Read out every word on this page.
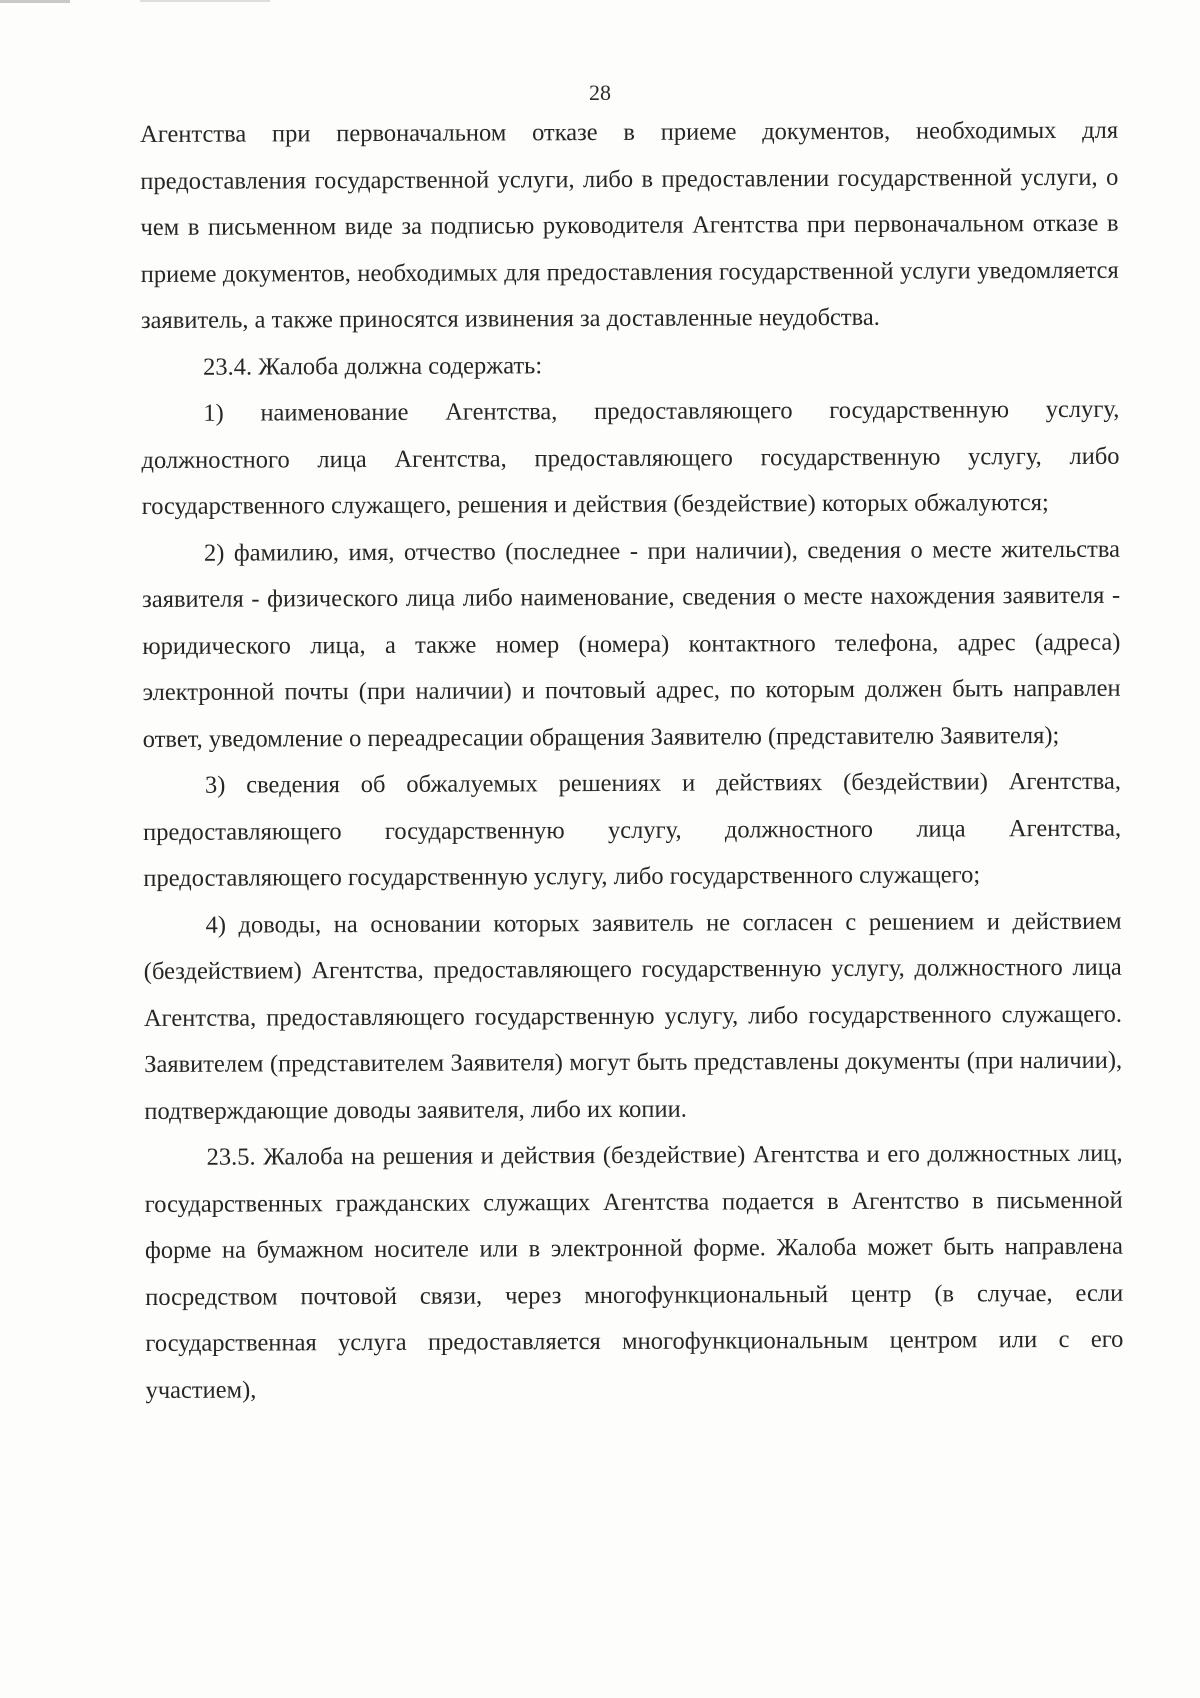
28

Агентства при первоначальном отказе в приеме документов, необходимых для предоставления государственной услуги, либо в предоставлении государственной услуги, о чем в письменном виде за подписью руководителя Агентства при первоначальном отказе в приеме документов, необходимых для предоставления государственной услуги уведомляется заявитель, а также приносятся извинения за доставленные неудобства.

23.4. Жалоба должна содержать:

1) наименование Агентства, предоставляющего государственную услугу, должностного лица Агентства, предоставляющего государственную услугу, либо государственного служащего, решения и действия (бездействие) которых обжалуются;

2) фамилию, имя, отчество (последнее - при наличии), сведения о месте жительства заявителя - физического лица либо наименование, сведения о месте нахождения заявителя - юридического лица, а также номер (номера) контактного телефона, адрес (адреса) электронной почты (при наличии) и почтовый адрес, по которым должен быть направлен ответ, уведомление о переадресации обращения Заявителю (представителю Заявителя);

3) сведения об обжалуемых решениях и действиях (бездействии) Агентства, предоставляющего государственную услугу, должностного лица Агентства, предоставляющего государственную услугу, либо государственного служащего;

4) доводы, на основании которых заявитель не согласен с решением и действием (бездействием) Агентства, предоставляющего государственную услугу, должностного лица Агентства, предоставляющего государственную услугу, либо государственного служащего. Заявителем (представителем Заявителя) могут быть представлены документы (при наличии), подтверждающие доводы заявителя, либо их копии.

23.5. Жалоба на решения и действия (бездействие) Агентства и его должностных лиц, государственных гражданских служащих Агентства подается в Агентство в письменной форме на бумажном носителе или в электронной форме. Жалоба может быть направлена посредством почтовой связи, через многофункциональный центр (в случае, если государственная услуга предоставляется многофункциональным центром или с его участием),
